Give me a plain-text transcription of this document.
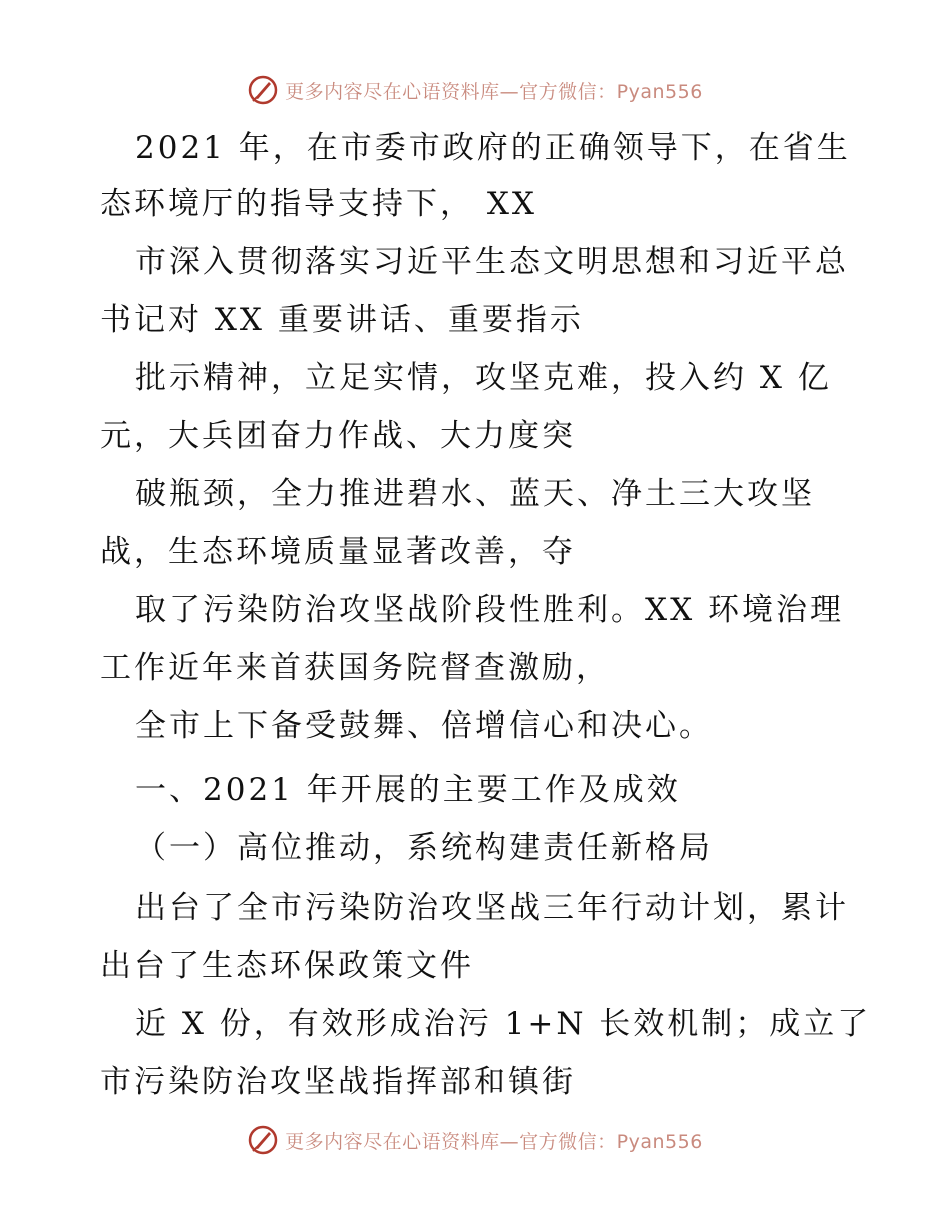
更多内容尽在心语资料库—官方微信：Pyan556
2021 年，在市委市政府的正确领导下，在省生
态环境厅的指导支持下， XX
市深入贯彻落实习近平生态文明思想和习近平总
书记对 XX 重要讲话、重要指示
批示精神，立足实情，攻坚克难，投入约 X 亿
元，大兵团奋力作战、大力度突
破瓶颈，全力推进碧水、蓝天、净土三大攻坚
战，生态环境质量显著改善，夺
取了污染防治攻坚战阶段性胜利。XX 环境治理
工作近年来首获国务院督查激励，
全市上下备受鼓舞、倍增信心和决心。
一、2021 年开展的主要工作及成效
（一）高位推动，系统构建责任新格局
出台了全市污染防治攻坚战三年行动计划，累计
出台了生态环保政策文件
近 X 份，有效形成治污 1+N 长效机制；成立了
市污染防治攻坚战指挥部和镇街
更多内容尽在心语资料库—官方微信：Pyan556
